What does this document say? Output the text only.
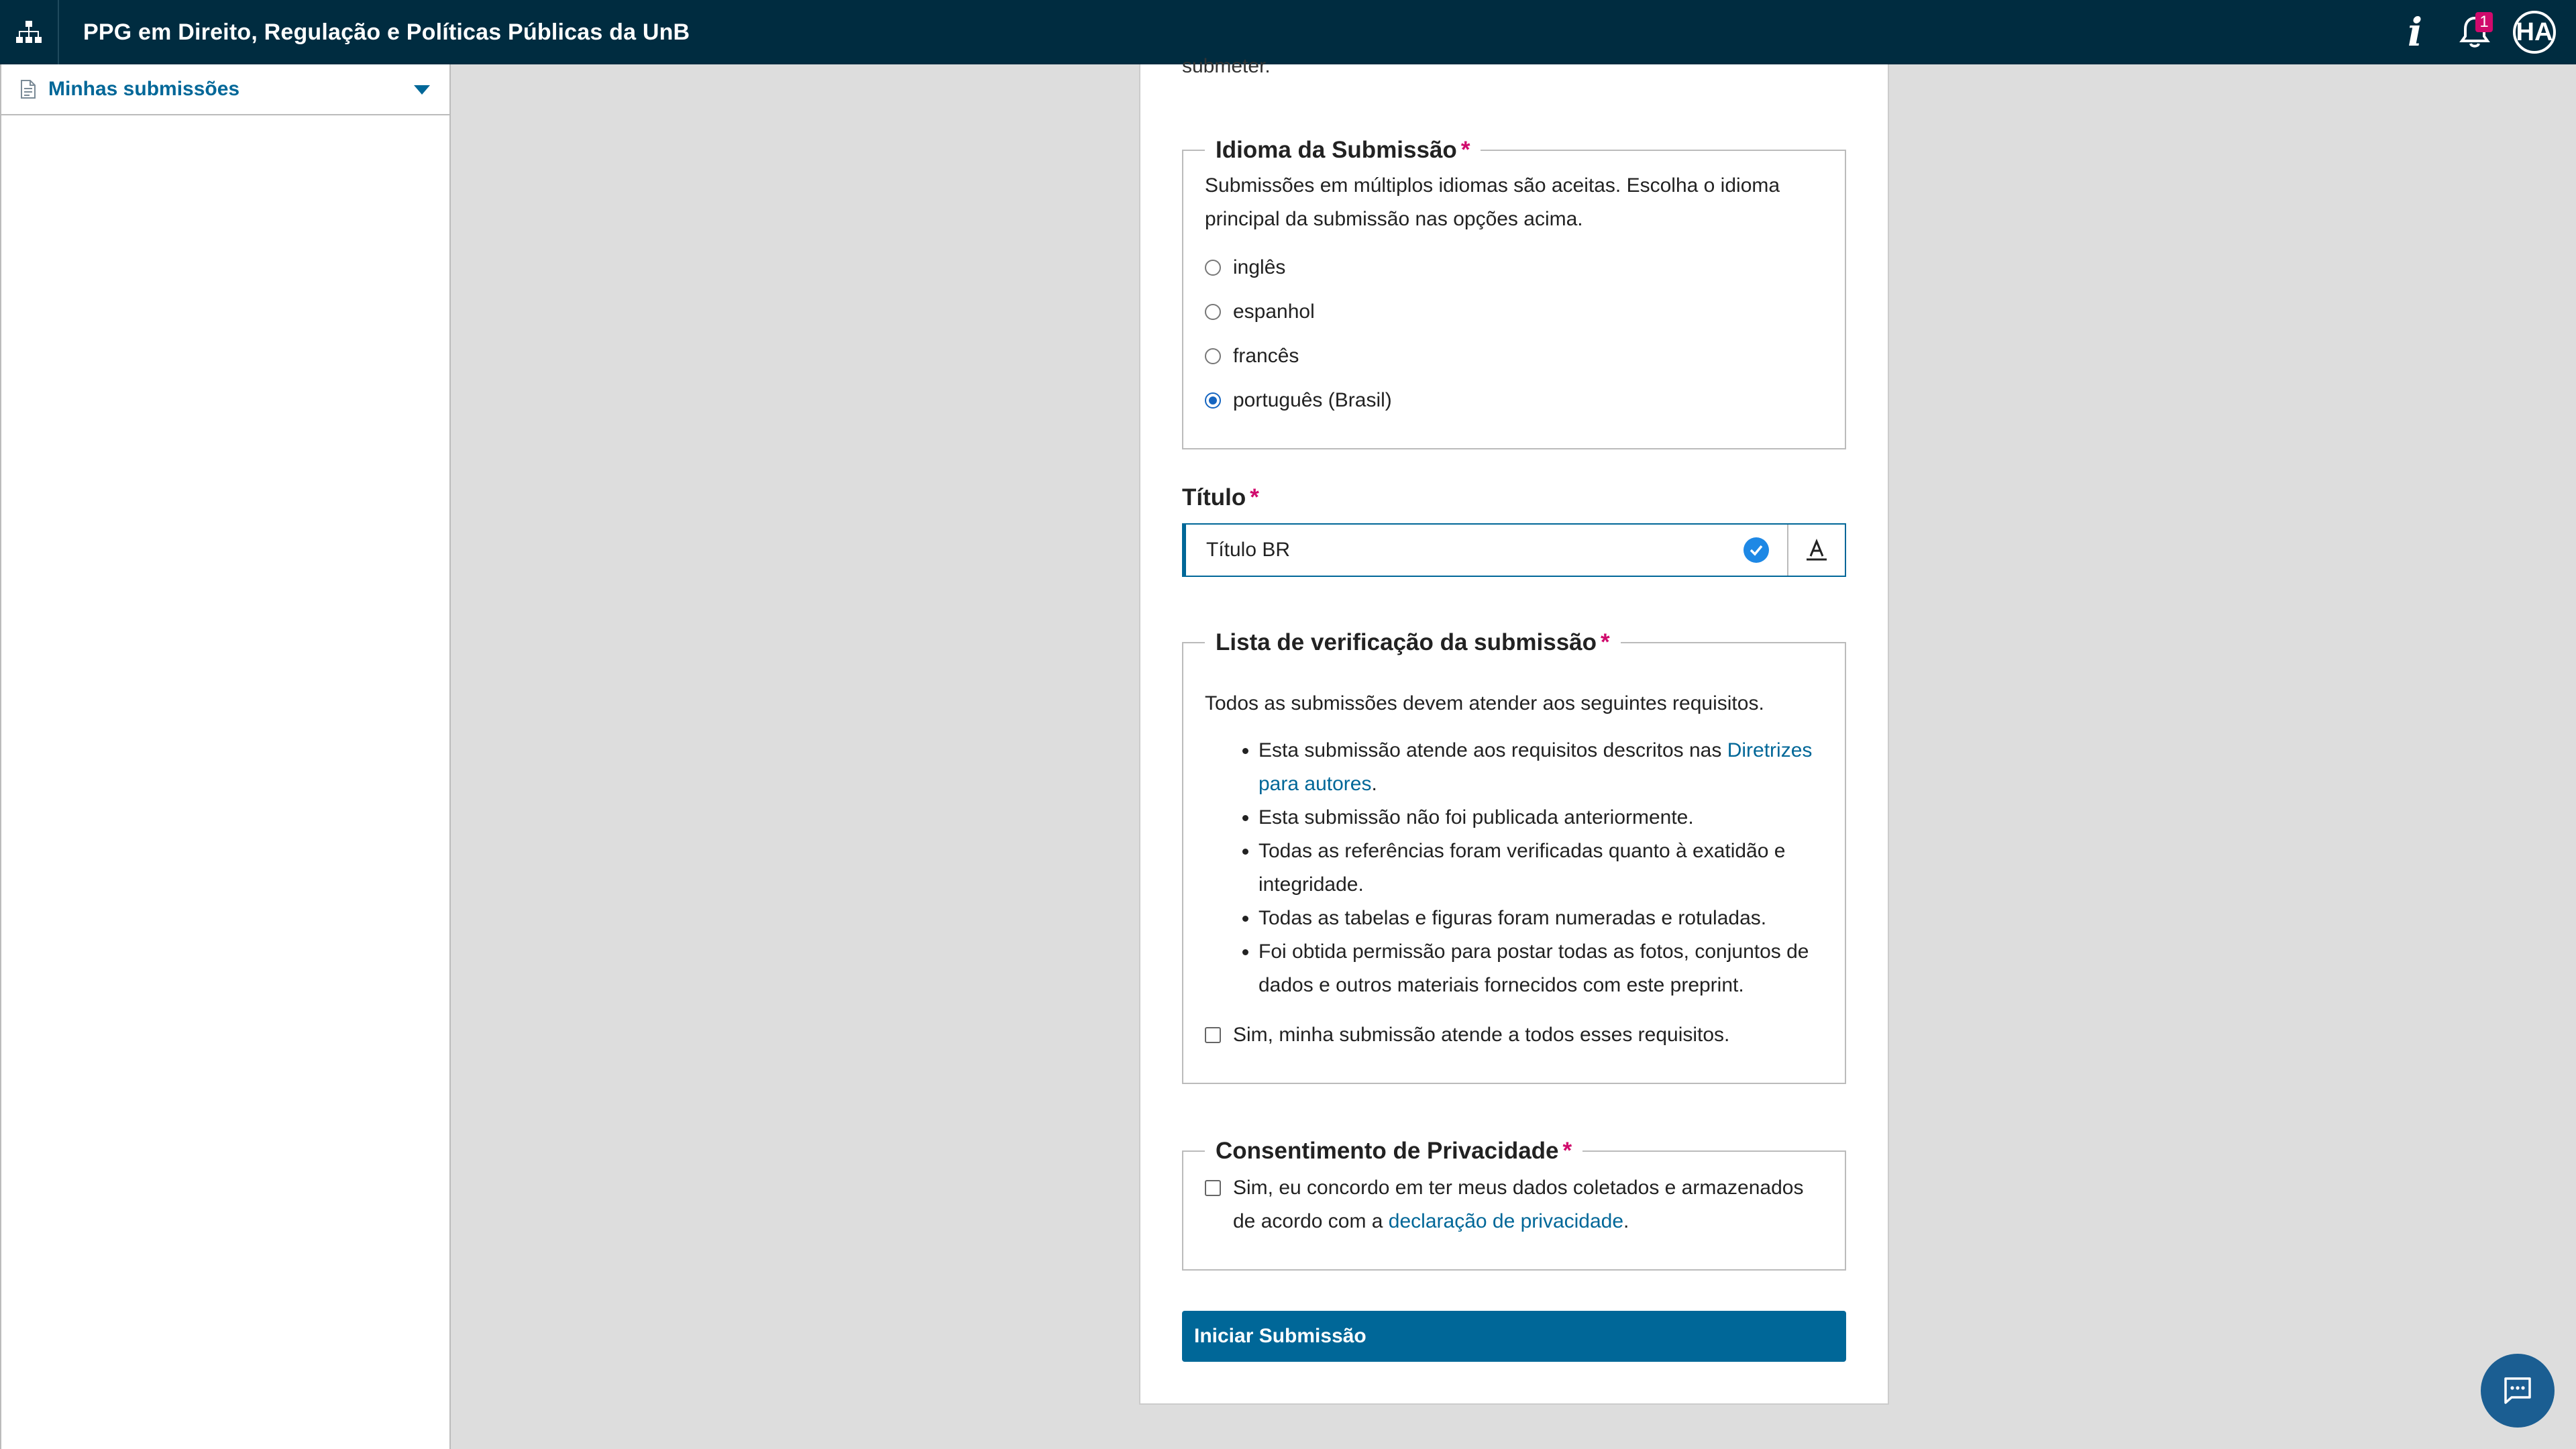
PPG em Direito, Regulação e Políticas Públicas da UnB	i	1 HA
Minhas submissões
submeter.
Idioma da Submissão *

Submissões em múltiplos idiomas são aceitas. Escolha o idioma principal da submissão nas opções acima.

inglês
espanhol
francês
português (Brasil)
Título *
Título BR
Lista de verificação da submissão *

Todos as submissões devem atender aos seguintes requisitos.

• Esta submissão atende aos requisitos descritos nas Diretrizes para autores.
• Esta submissão não foi publicada anteriormente.
• Todas as referências foram verificadas quanto à exatidão e integridade.
• Todas as tabelas e figuras foram numeradas e rotuladas.
• Foi obtida permissão para postar todas as fotos, conjuntos de dados e outros materiais fornecidos com este preprint.
Sim, minha submissão atende a todos esses requisitos.
Consentimento de Privacidade *
Sim, eu concordo em ter meus dados coletados e armazenados de acordo com a declaração de privacidade.
Iniciar Submissão
